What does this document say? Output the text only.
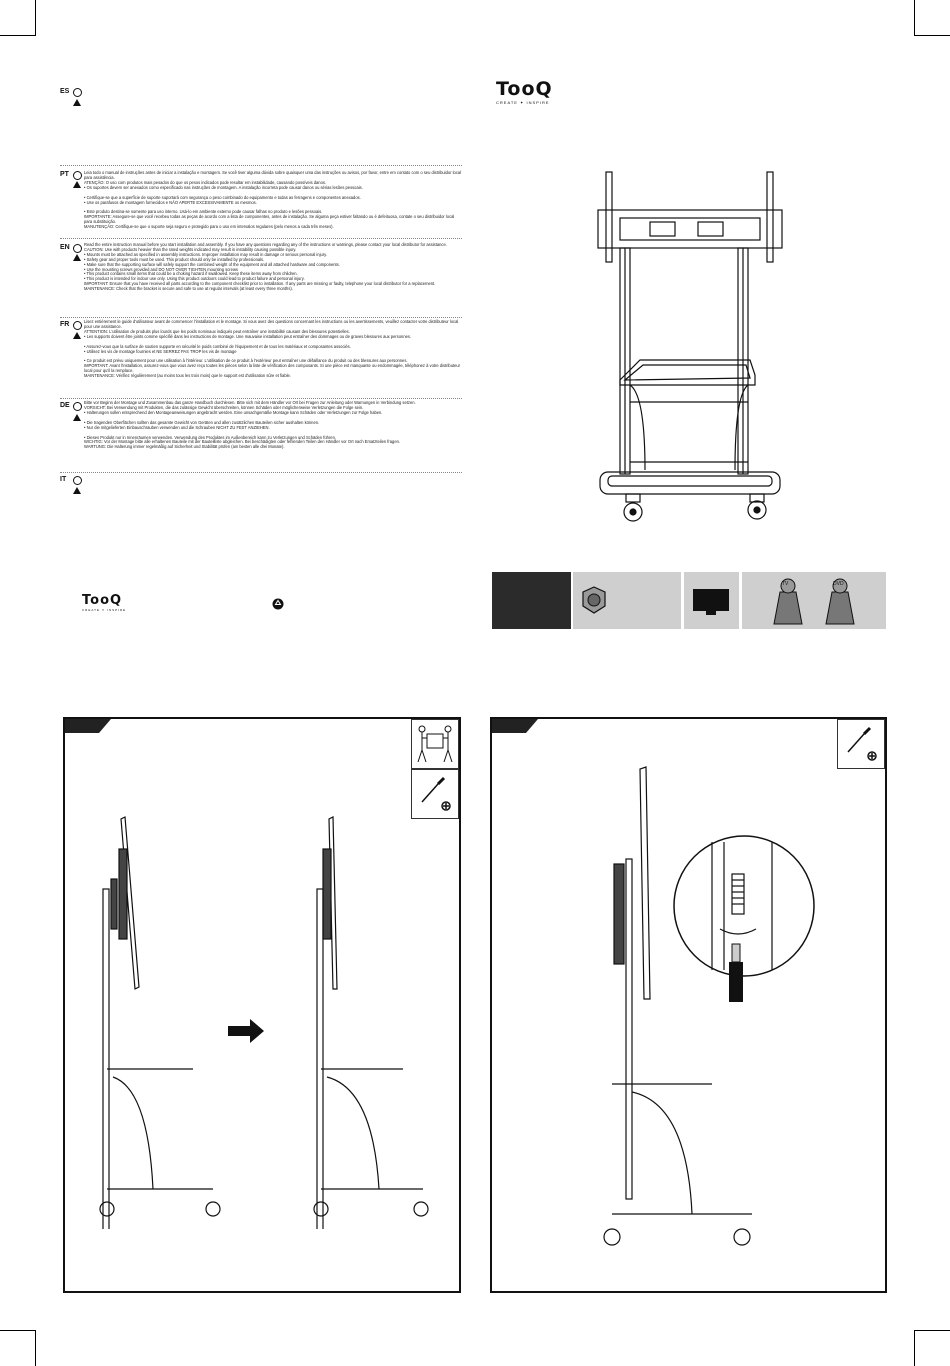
ES
PT	Leia todo o manual de instruções antes de iniciar a instalação e montagem. Se você tiver alguma dúvida sobre quaisquer uma das instruções ou avisos, por favor, entre em contato com o seu distribuidor local para assistência.

ATENÇÃO: O uso com produtos mais pesados do que os pesos indicados pode resultar em instabilidade, causando possíveis danos.

• Os suportes devem ser anexados como especificado nas instruções de montagem. A instalação incorreta pode causar danos ou sérias lesões pessoais.

• Certifique-se que a superfície de suporte suportará com segurança o peso combinado do equipamento e todas as ferragens e componentes anexados.

• Use os parafusos de montagem fornecidos e NÃO APERTE EXCESSIVAMENTE os mesmos.

• Este produto destina-se somente para uso interno. Usá-lo em ambiente externo pode causar falhas no produto e lesões pessoais.

IMPORTANTE: Assegure-se que você recebeu todas as peças de acordo com a lista de componentes, antes de instalação. Se alguma peça estiver faltando ou é defeituosa, contate o seu distribuidor local para substituição.

MANUTENÇÃO: Certifique-se que o suporte seja seguro e protegido para o uso em intervalos regulares (pelo menos a cada três meses).

EN	Read the entire instruction manual before you start installation and assembly. If you have any questions regarding any of the instructions or warnings, please contact your local distributor for assistance.

CAUTION: Use with products heavier than the rated weights indicated may result in instability causing possible injury.

• Mounts must be attached as specified in assembly instructions. Improper installation may result in damage or serious personal injury.

• Safety gear and proper tools must be used. This product should only be installed by professionals.

• Make sure that the supporting surface will safely support the combined weight of the equipment and all attached hardware and components.

• Use the mounting screws provided and DO NOT OVER TIGHTEN mounting screws

• This product contains small items that could be a choking hazard if swallowed. Keep these items away from children.

• This product is intended for indoor use only. Using this product outdoors could lead to product failure and personal injury.

IMPORTANT: Ensure that you have received all parts according to the component checklist prior to installation. If any parts are missing or faulty, telephone your local distributor for a replacement.

MAINTENANCE: Check that the bracket is secure and safe to use at regular intervals (at least every three months).

FR	Lisez entièrement le guide d'utilisateur avant de commencer l'installation et le montage. Si vous avez des questions concernant les instructions ou les avertissements, veuillez contacter votre distributeur local pour une assistance.

ATTENTION: L'utilisation de produits plus lourds que les poids nominaux indiqués peut entraîner une instabilité causant des blessures potentielles.

• Les supports doivent être joints comme spécifié dans les instructions de montage. Une mauvaise installation peut entraîner des dommages ou de graves blessures aux personnes.

• Assurez-vous que la surface de soutien supporte en sécurité le poids combiné de l'équipement et de tous les matériaux et composantes associés.

• Utilisez les vis de montage fournies et NE SERREZ PAS TROP les vis de montage

• Ce produit est prévu uniquement pour une utilisation à l'intérieur. L'utilisation de ce produit à l'extérieur peut entraîner une défaillance du produit ou des blessures aux personnes.

IMPORTANT: Avant l'installation, assurez-vous que vous avez reçu toutes les pièces selon la liste de vérification des composants. Si une pièce est manquante ou endommagée, téléphonez à votre distributeur local pour qu'il la remplace.

MAINTENANCE: Vérifiez régulièrement (au moins tous les trois mois) que le support est d'utilisation sûre et fiable.

DE	Bitte vor Beginn der Montage und Zusammenbau das ganze Handbuch durchlesen. Bitte sich mit dem Händler vor Ort bei Fragen zur Anleitung oder Warnungen in Verbindung setzen.

VORSICHT: Bei Verwendung mit Produkten, die das zulässige Gewicht überschreiten, können Schäden oder möglicherweise Verletzungen die Folge sein.

• Halterungen sollen entsprechend den Montageanweisungen angebracht werden. Eine unsachgemäße Montage kann Schäden oder Verletzungen zur Folge haben.

• Die tragenden Oberflächen sollten das gesamte Gewicht von Geräten und allen zusätzlichen Bauteilen sicher aushalten können.

• Nur die mitgelieferten Einbauschrauben verwenden und die Schrauben NICHT ZU FEST ANZIEHEN.

• Dieses Produkt nur in Innenräumen verwenden. Verwendung des Produktes im Außenbereich kann zu Verletzungen und Schäden führen.

WICHTIG: Vor der Montage bitte alle erhaltenen Bauteile mit der Bauteilliste abgleichen. Bei beschädigten oder fehlenden Teilen den Händler vor Ort nach Ersatzteilen fragen.

WARTUNG: Die Halterung immer regelmäßig auf Sicherheit und Stabilität prüfen (am besten alle drei Monate).

IT
TooQ
CREATE ✦ INSPIRE
TooQ
CREATE ✦ INSPIRE
TV	DVD
